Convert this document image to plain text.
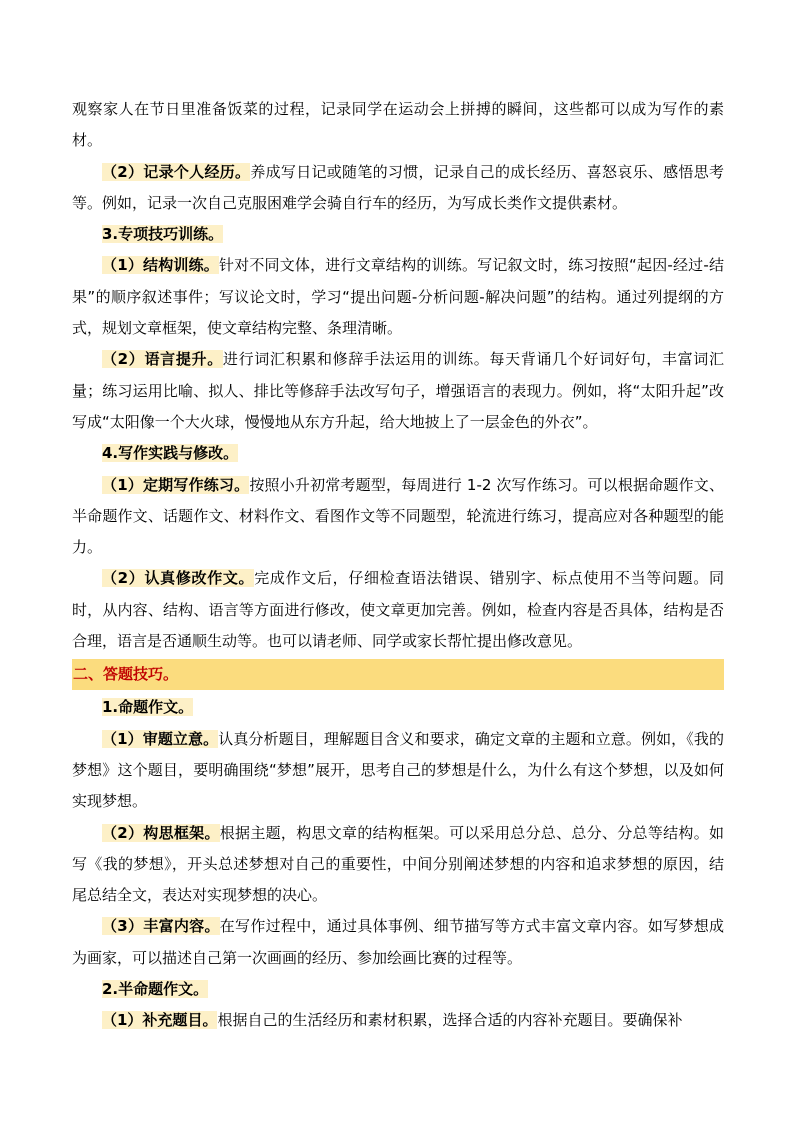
观察家人在节日里准备饭菜的过程，记录同学在运动会上拼搏的瞬间，这些都可以成为写作的素材。

（2）记录个人经历。养成写日记或随笔的习惯，记录自己的成长经历、喜怒哀乐、感悟思考等。例如，记录一次自己克服困难学会骑自行车的经历，为写成长类作文提供素材。

3.专项技巧训练。

（1）结构训练。针对不同文体，进行文章结构的训练。写记叙文时，练习按照“起因-经过-结果”的顺序叙述事件；写议论文时，学习“提出问题-分析问题-解决问题”的结构。通过列提纲的方式，规划文章框架，使文章结构完整、条理清晰。

（2）语言提升。进行词汇积累和修辞手法运用的训练。每天背诵几个好词好句，丰富词汇量；练习运用比喻、拟人、排比等修辞手法改写句子，增强语言的表现力。例如，将“太阳升起”改写成“太阳像一个大火球，慢慢地从东方升起，给大地披上了一层金色的外衣”。

4.写作实践与修改。

（1）定期写作练习。按照小升初常考题型，每周进行 1-2 次写作练习。可以根据命题作文、半命题作文、话题作文、材料作文、看图作文等不同题型，轮流进行练习，提高应对各种题型的能力。

（2）认真修改作文。完成作文后，仔细检查语法错误、错别字、标点使用不当等问题。同时，从内容、结构、语言等方面进行修改，使文章更加完善。例如，检查内容是否具体，结构是否合理，语言是否通顺生动等。也可以请老师、同学或家长帮忙提出修改意见。

二、答题技巧。

1.命题作文。

（1）审题立意。认真分析题目，理解题目含义和要求，确定文章的主题和立意。例如，《我的梦想》这个题目，要明确围绕“梦想”展开，思考自己的梦想是什么，为什么有这个梦想，以及如何实现梦想。

（2）构思框架。根据主题，构思文章的结构框架。可以采用总分总、总分、分总等结构。如写《我的梦想》，开头总述梦想对自己的重要性，中间分别阐述梦想的内容和追求梦想的原因，结尾总结全文，表达对实现梦想的决心。

（3）丰富内容。在写作过程中，通过具体事例、细节描写等方式丰富文章内容。如写梦想成为画家，可以描述自己第一次画画的经历、参加绘画比赛的过程等。

2.半命题作文。

（1）补充题目。根据自己的生活经历和素材积累，选择合适的内容补充题目。要确保补
